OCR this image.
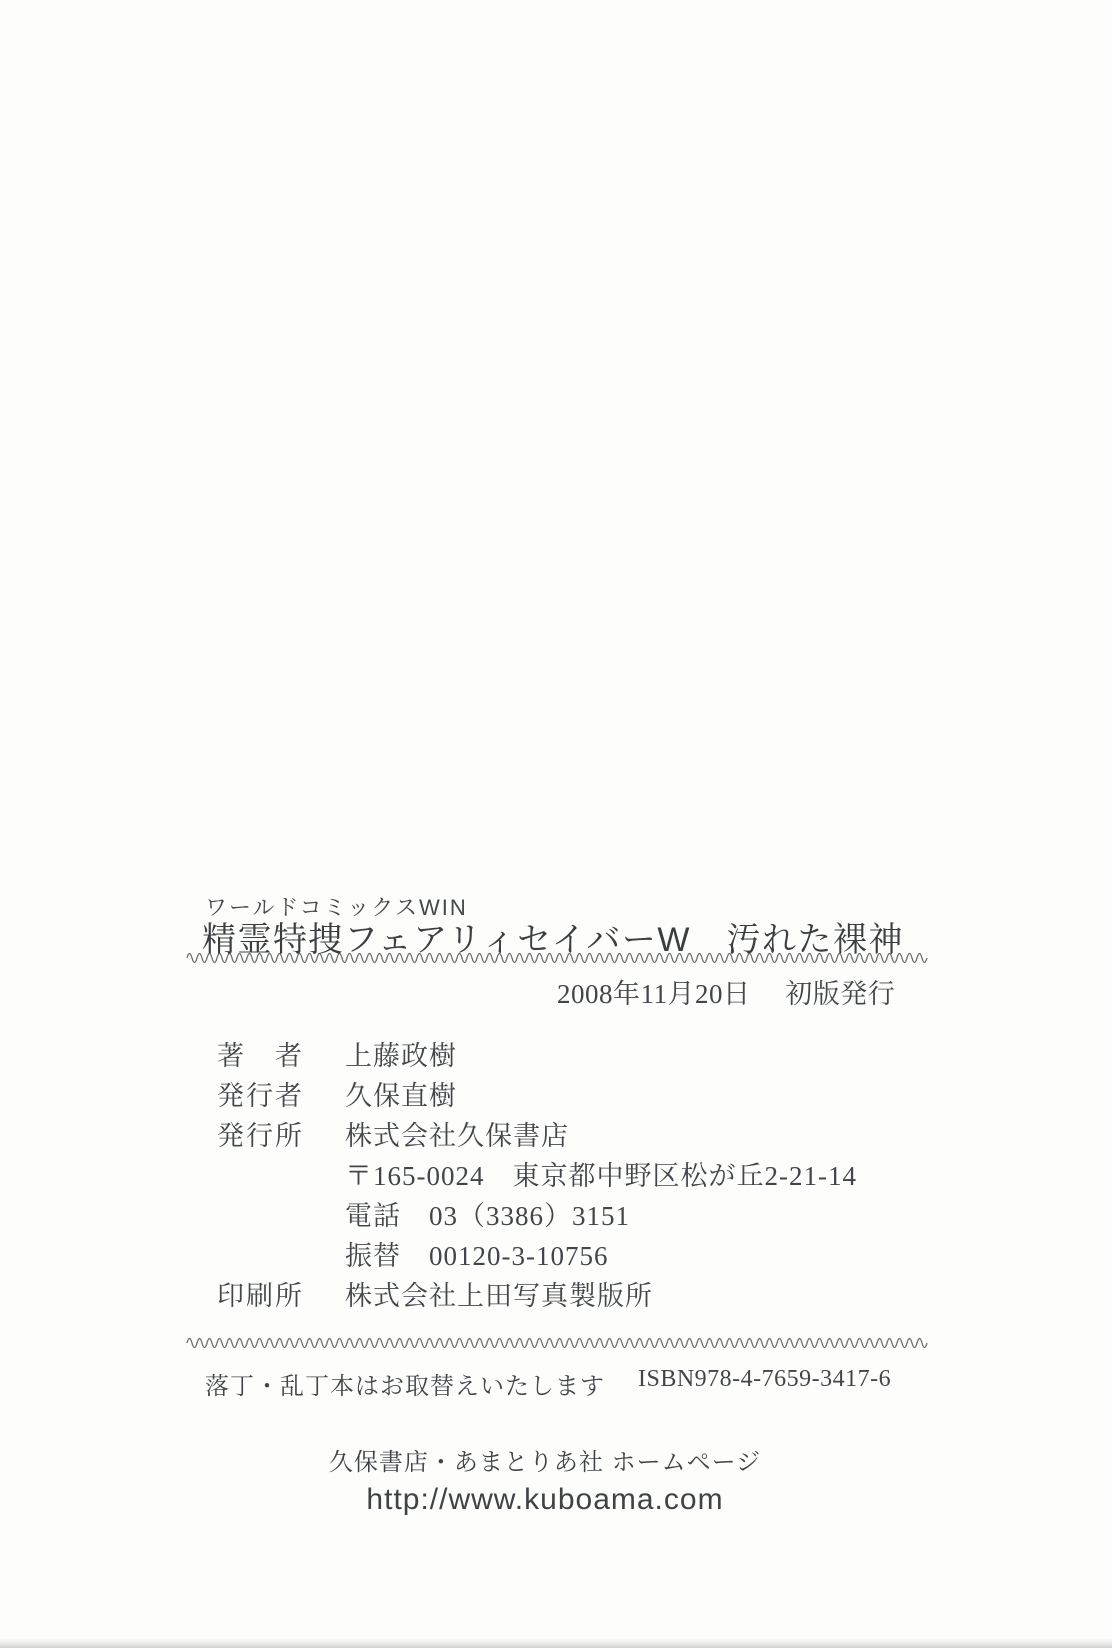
ワールドコミックスWIN
精霊特捜フェアリィセイバーW　汚れた裸神
2008年11月20日　 初版発行
著　者	上藤政樹
発行者	久保直樹
発行所	株式会社久保書店
〒165-0024　東京都中野区松が丘2-21-14
電話　03（3386）3151
振替　00120-3-10756
印刷所	株式会社上田写真製版所
落丁・乱丁本はお取替えいたします ISBN978-4-7659-3417-6
久保書店・あまとりあ社 ホームページ
http://www.kuboama.com
